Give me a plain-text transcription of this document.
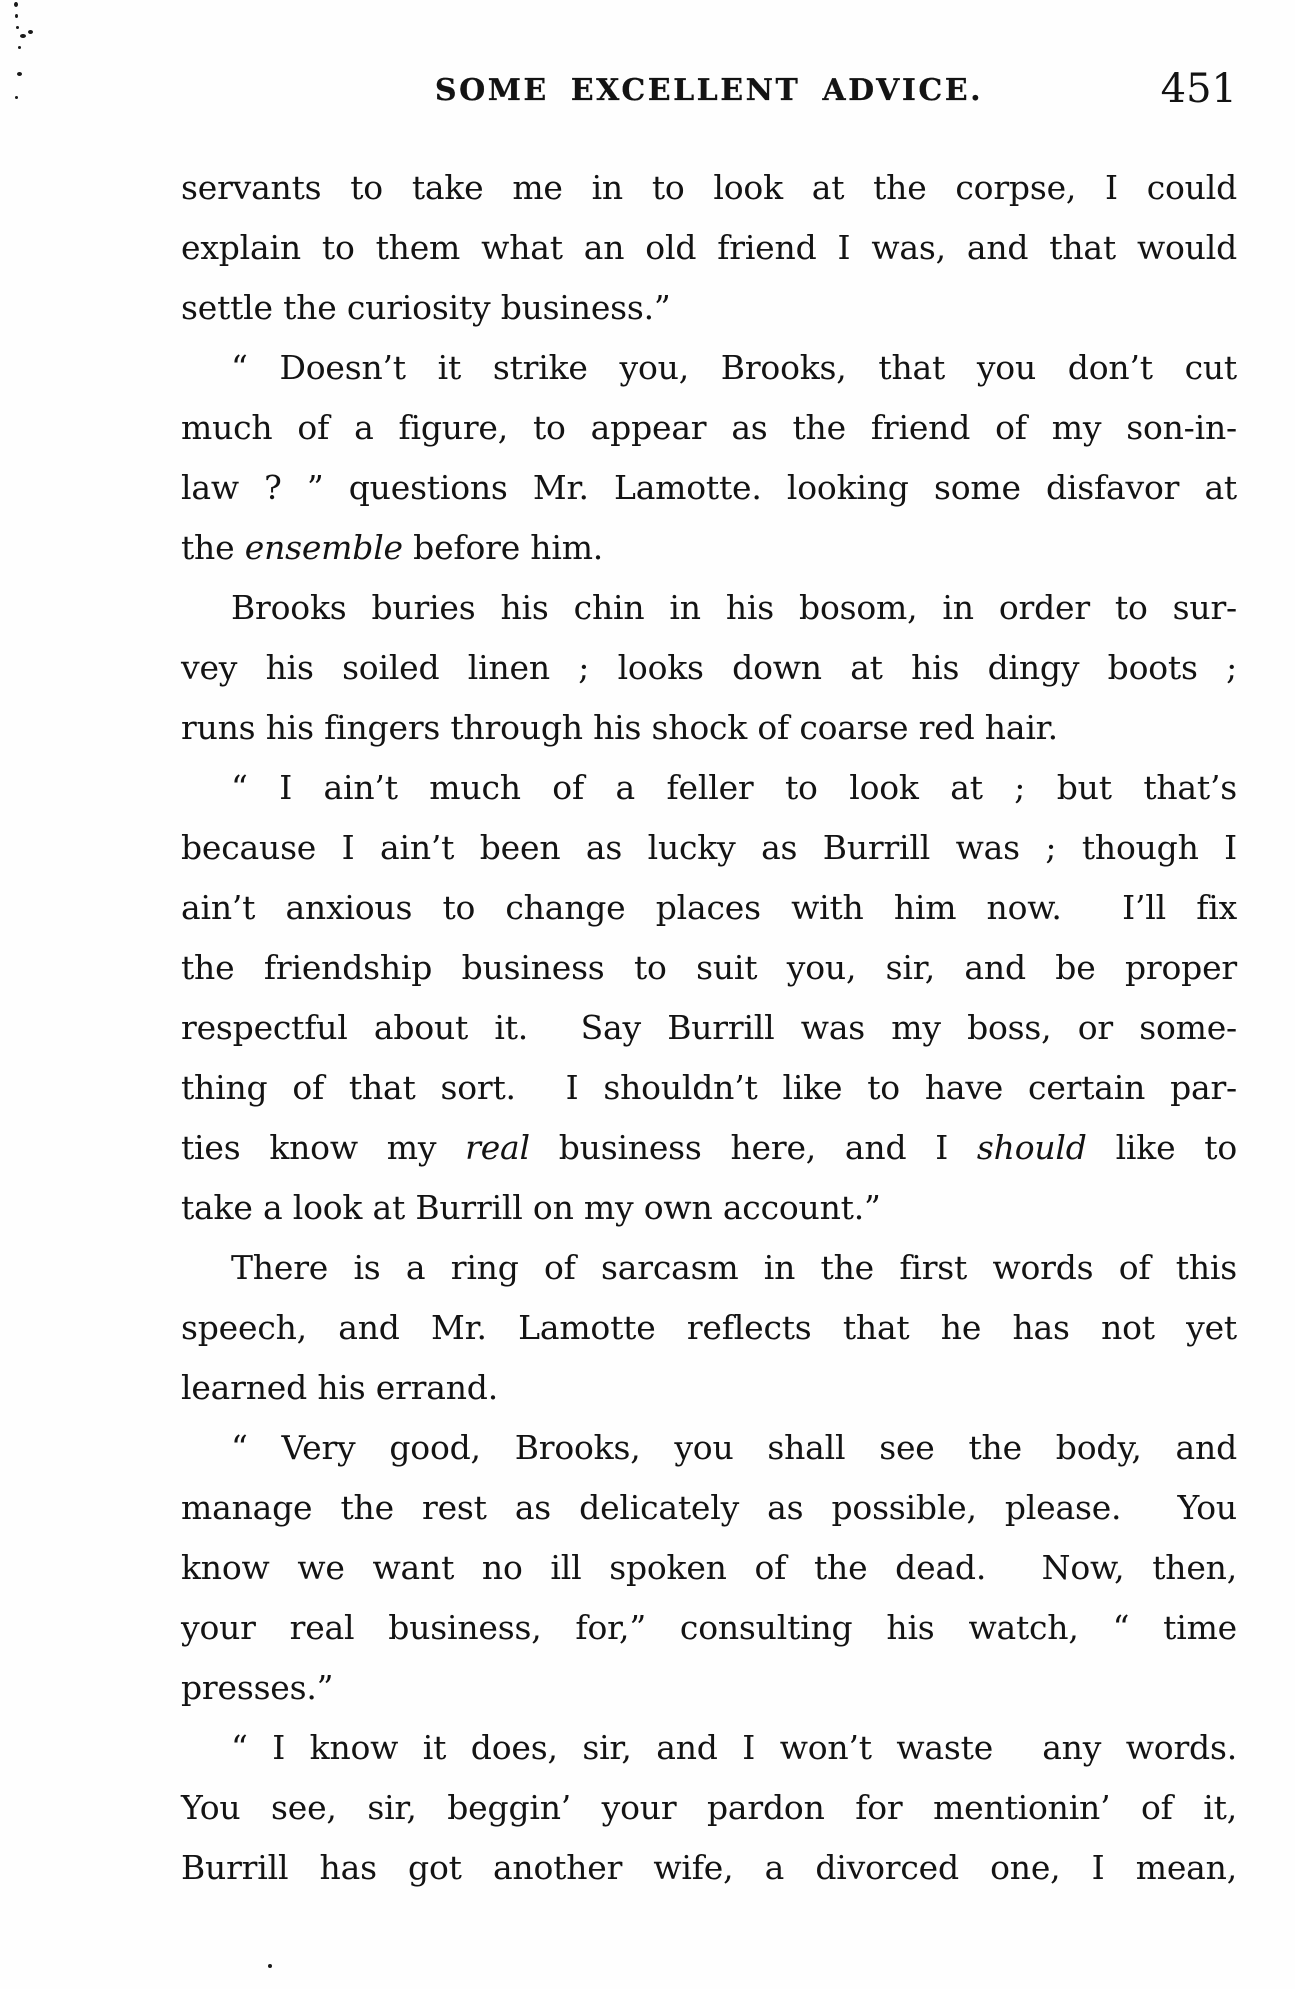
SOME EXCELLENT ADVICE.	451
servants to take me in to look at the corpse, I could
explain to them what an old friend I was, and that would
settle the curiosity business.”
“ Doesn’t it strike you, Brooks, that you don’t cut
much of a figure, to appear as the friend of my son-in-
law ? ” questions Mr. Lamotte. looking some disfavor at
the ensemble before him.
Brooks buries his chin in his bosom, in order to sur-
vey his soiled linen ; looks down at his dingy boots ;
runs his fingers through his shock of coarse red hair.
“ I ain’t much of a feller to look at ; but that’s
because I ain’t been as lucky as Burrill was ; though I
ain’t anxious to change places with him now.  I’ll fix
the friendship business to suit you, sir, and be proper
respectful about it.  Say Burrill was my boss, or some-
thing of that sort.  I shouldn’t like to have certain par-
ties know my real business here, and I should like to
take a look at Burrill on my own account.”
There is a ring of sarcasm in the first words of this
speech, and Mr. Lamotte reflects that he has not yet
learned his errand.
“ Very good, Brooks, you shall see the body, and
manage the rest as delicately as possible, please.  You
know we want no ill spoken of the dead.  Now, then,
your real business, for,” consulting his watch, “ time
presses.”
“ I know it does, sir, and I won’t waste  any words.
You see, sir, beggin’ your pardon for mentionin’ of it,
Burrill has got another wife, a divorced one, I mean,
